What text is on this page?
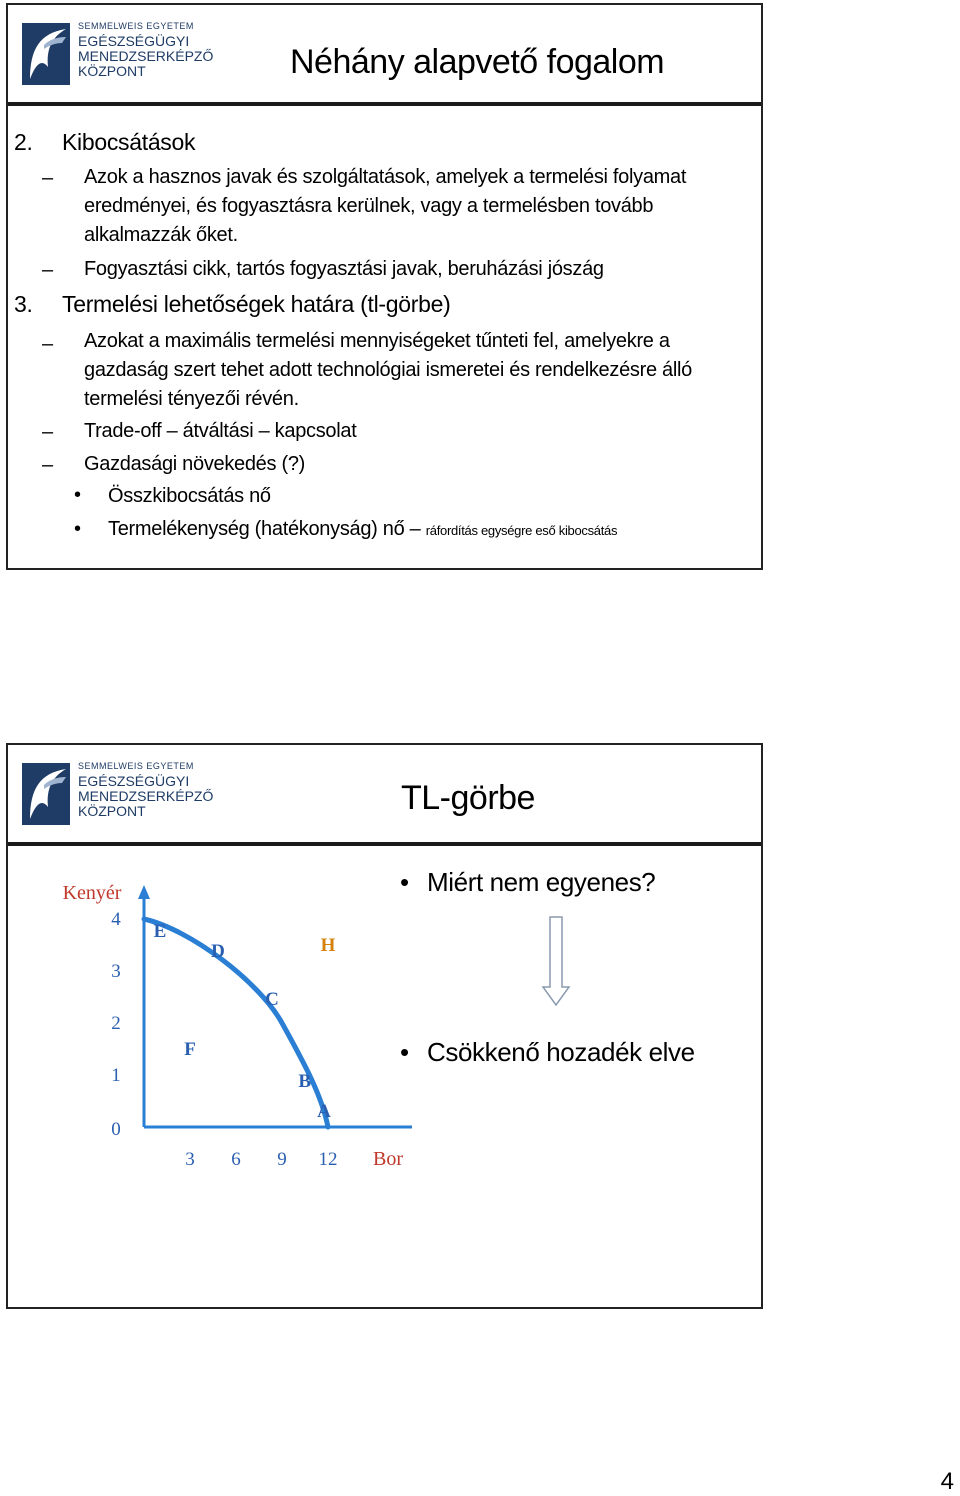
SEMMELWEIS EGYETEM
EGÉSZSÉGÜGYI
MENEDZSERKÉPZŐ
KÖZPONT	Néhány alapvető fogalom
2. Kibocsátások
– Azok a hasznos javak és szolgáltatások, amelyek a termelési folyamat eredményei, és fogyasztásra kerülnek, vagy a termelésben tovább alkalmazzák őket.
– Fogyasztási cikk, tartós fogyasztási javak, beruházási jószág
3. Termelési lehetőségek határa (tl-görbe)
– Azokat a maximális termelési mennyiségeket tűnteti fel, amelyekre a gazdaság szert tehet adott technológiai ismeretei és rendelkezésre álló termelési tényezői révén.
– Trade-off – átváltási – kapcsolat
– Gazdasági növekedés (?)
• Összkibocsátás nő
• Termelékenység (hatékonyság) nő – ráfordítás egységre eső kibocsátás
SEMMELWEIS EGYETEM
EGÉSZSÉGÜGYI
MENEDZSERKÉPZŐ
KÖZPONT	TL-görbe
0
1
2
3
4
3 6 9 12
Kenyér
Bor
A
B
C
D
E
F
H
• Miért nem egyenes?
• Csökkenő hozadék elve
4
